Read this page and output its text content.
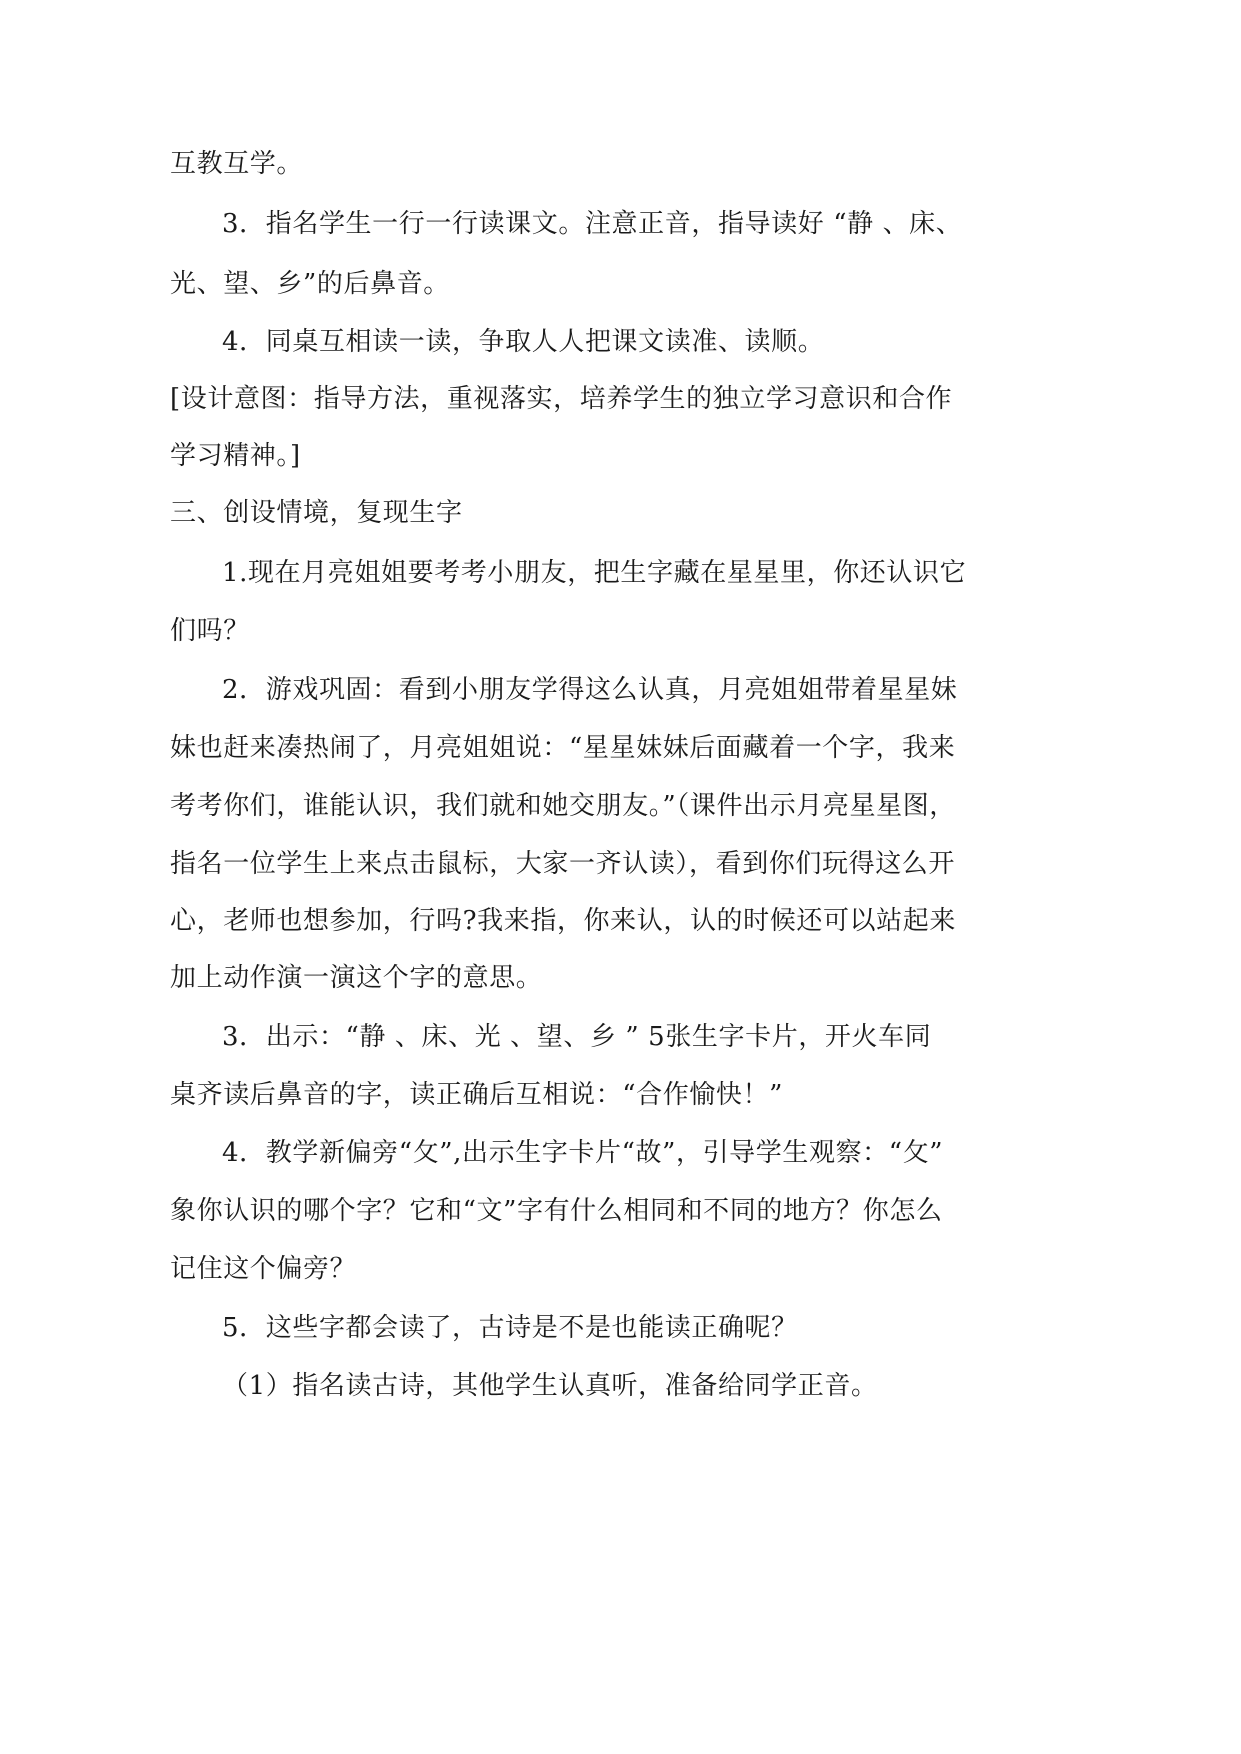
互教互学。
3．指名学生一行一行读课文。注意正音，指导读好 “静 、床、
光、望、乡”的后鼻音。
4．同桌互相读一读，争取人人把课文读准、读顺。
[设计意图：指导方法，重视落实，培养学生的独立学习意识和合作
学习精神。]
三、创设情境，复现生字
1.现在月亮姐姐要考考小朋友，把生字藏在星星里，你还认识它
们吗？
2．游戏巩固：看到小朋友学得这么认真，月亮姐姐带着星星妹
妹也赶来凑热闹了，月亮姐姐说：“星星妹妹后面藏着一个字，我来
考考你们，谁能认识，我们就和她交朋友。”（课件出示月亮星星图，
指名一位学生上来点击鼠标，大家一齐认读），看到你们玩得这么开
心，老师也想参加，行吗?我来指，你来认，认的时候还可以站起来
加上动作演一演这个字的意思。
3．出示：“静 、床、光 、望、乡 ” 5张生字卡片，开火车同
桌齐读后鼻音的字，读正确后互相说：“合作愉快！”
4．教学新偏旁“攵”,出示生字卡片“故”，引导学生观察：“攵”
象你认识的哪个字？它和“文”字有什么相同和不同的地方？你怎么
记住这个偏旁？
5．这些字都会读了，古诗是不是也能读正确呢？
（1）指名读古诗，其他学生认真听，准备给同学正音。
